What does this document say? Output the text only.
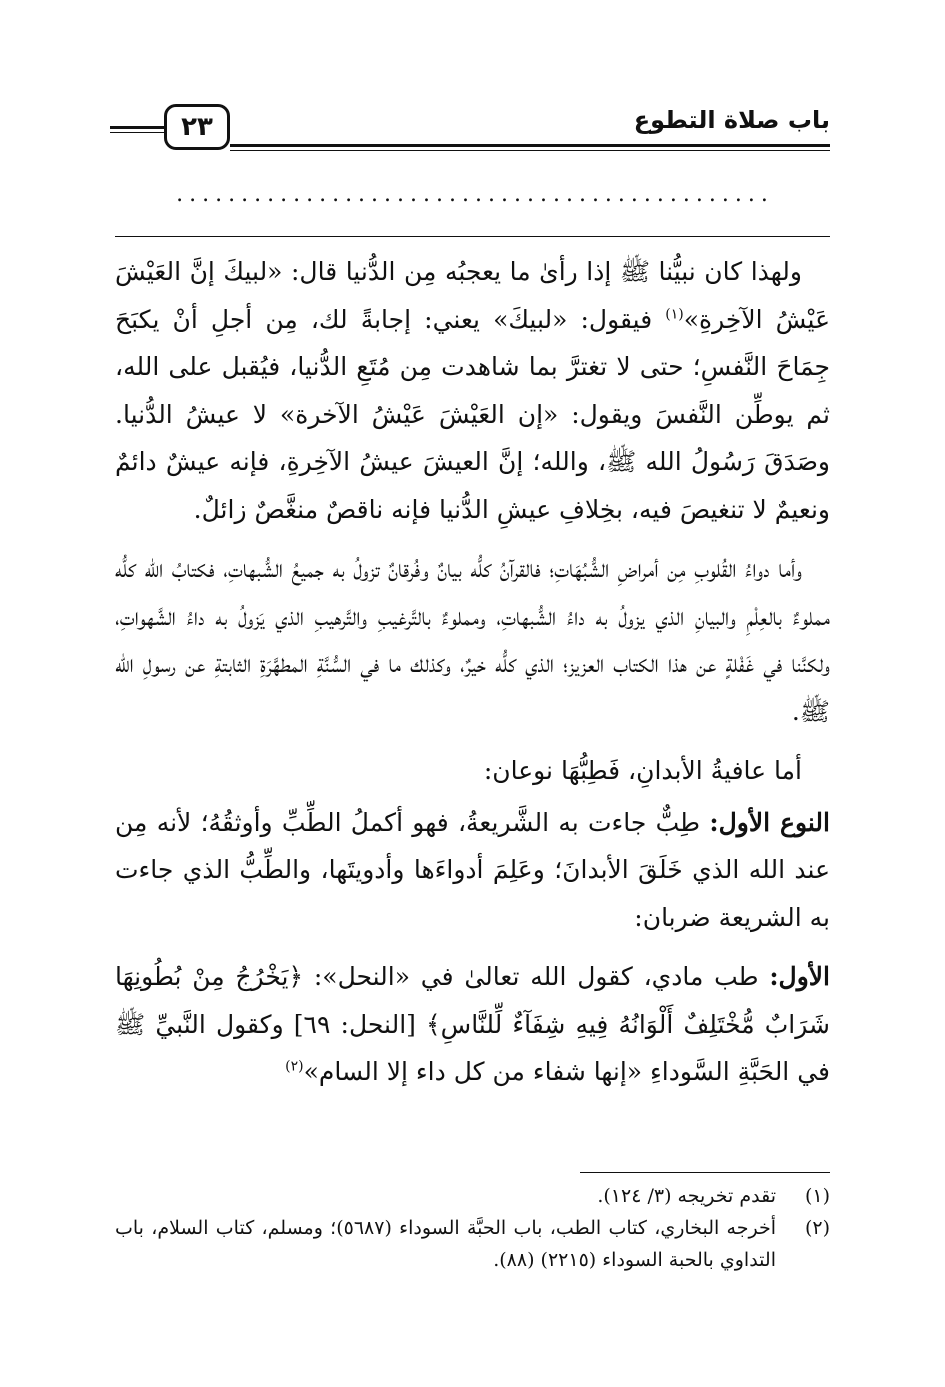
٢٣	باب صلاة التطوع
..............................................

ولهذا كان نبيُّنا ﷺ إذا رأىٰ ما يعجبُه مِن الدُّنيا قال: «لبيكَ إنَّ العَيْشَ عَيْشُ الآخِرةِ»$^{(١)}$ فيقول: «لبيكَ» يعني: إجابةً لك، مِن أجلِ أنْ يكبَحَ جِمَاحَ النَّفسِ؛ حتى لا تغترَّ بما شاهدت مِن مُتَعِ الدُّنيا، فيُقبل على الله، ثم يوطِّن النَّفسَ ويقول: «إن العَيْشَ عَيْشُ الآخرة» لا عيشُ الدُّنيا. وصَدَقَ رَسُولُ الله ﷺ، والله؛ إنَّ العيشَ عيشُ الآخِرةِ، فإنه عيشٌ دائمٌ ونعيمٌ لا تنغيصَ فيه، بخِلافِ عيشِ الدُّنيا فإنه ناقصٌ منغَّصٌ زائلٌ.

وأما دواءُ القُلوبِ مِن أمراضِ الشُّبُهَاتِ؛ فالقرآنُ كلُّه بيانٌ وفُرقانٌ تزولُ به جميعُ الشُّبهاتِ، فكتابُ الله كلُّه مملوءٌ بالعِلْمِ والبيانِ الذي يزولُ به داءُ الشُّبهاتِ، ومملوءٌ بالتَّرغيبِ والتَّرهيبِ الذي يَزولُ به داءُ الشَّهواتِ، ولكنَّنا في غَفْلةٍ عن هذا الكتاب العزيز؛ الذي كلُّه خيرٌ، وكذلك ما في السُّنَّةِ المطهَّرَةِ الثابتةِ عن رسولِ الله ﷺ.

أما عافيةُ الأبدانِ، فَطِبُّهَا نوعان:

النوع الأول: طِبٌّ جاءت به الشَّريعةُ، فهو أكملُ الطِّبِّ وأوثقُهُ؛ لأنه مِن عند الله الذي خَلَقَ الأبدانَ؛ وعَلِمَ أدواءَها وأدويتَها، والطِّبُّ الذي جاءت به الشريعة ضربان:

الأول: طب مادي، كقول الله تعالىٰ في «النحل»: ﴿يَخْرُجُ مِنْ بُطُونِهَا شَرَابٌ مُّخْتَلِفٌ أَلْوَانُهُ فِيهِ شِفَآءٌ لِّلنَّاسِ﴾ [النحل: ٦٩] وكقول النَّبيِّ ﷺ في الحَبَّةِ السَّوداءِ «إنها شفاء من كل داء إلا السام»$^{(٢)}$

(١)
تقدم تخريجه (٣/ ١٢٤).
(٢)
أخرجه البخاري، كتاب الطب، باب الحبَّة السوداء (٥٦٨٧)؛ ومسلم، كتاب السلام، باب التداوي بالحبة السوداء (٢٢١٥) (٨٨).
